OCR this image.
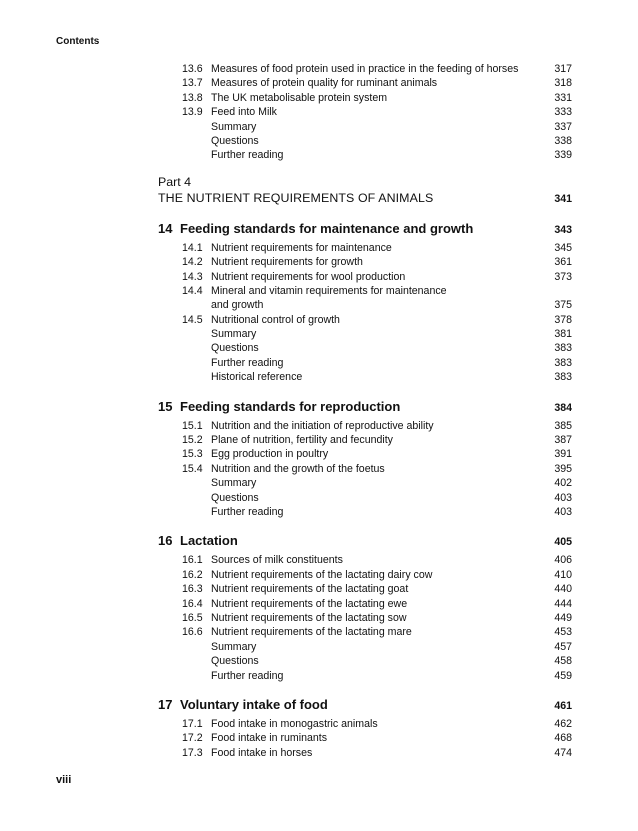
Contents
13.6 Measures of food protein used in practice in the feeding of horses	317
13.7 Measures of protein quality for ruminant animals	318
13.8 The UK metabolisable protein system	331
13.9 Feed into Milk	333
Summary	337
Questions	338
Further reading	339
Part 4
THE NUTRIENT REQUIREMENTS OF ANIMALS	341
14 Feeding standards for maintenance and growth	343
14.1 Nutrient requirements for maintenance	345
14.2 Nutrient requirements for growth	361
14.3 Nutrient requirements for wool production	373
14.4 Mineral and vitamin requirements for maintenance
and growth	375
14.5 Nutritional control of growth	378
Summary	381
Questions	383
Further reading	383
Historical reference	383
15 Feeding standards for reproduction	384
15.1 Nutrition and the initiation of reproductive ability	385
15.2 Plane of nutrition, fertility and fecundity	387
15.3 Egg production in poultry	391
15.4 Nutrition and the growth of the foetus	395
Summary	402
Questions	403
Further reading	403
16 Lactation	405
16.1 Sources of milk constituents	406
16.2 Nutrient requirements of the lactating dairy cow	410
16.3 Nutrient requirements of the lactating goat	440
16.4 Nutrient requirements of the lactating ewe	444
16.5 Nutrient requirements of the lactating sow	449
16.6 Nutrient requirements of the lactating mare	453
Summary	457
Questions	458
Further reading	459
17 Voluntary intake of food	461
17.1 Food intake in monogastric animals	462
17.2 Food intake in ruminants	468
17.3 Food intake in horses	474
viii
